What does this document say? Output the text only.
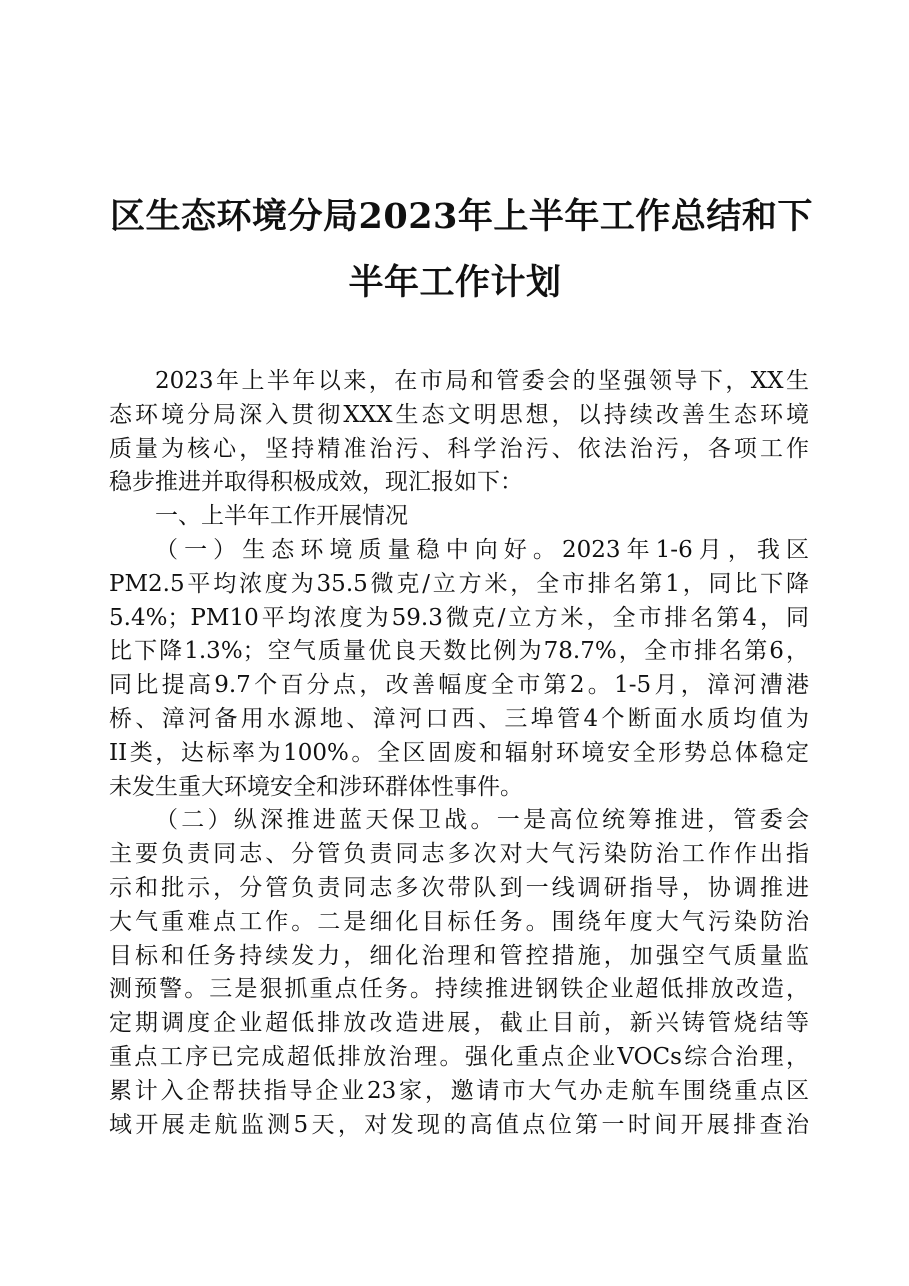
区生态环境分局2023年上半年工作总结和下
半年工作计划
2023年上半年以来，在市局和管委会的坚强领导下，XX生
态环境分局深入贯彻XXX生态文明思想，以持续改善生态环境
质量为核心，坚持精准治污、科学治污、依法治污，各项工作
稳步推进并取得积极成效，现汇报如下：
一、上半年工作开展情况
（一）生态环境质量稳中向好。2023年1-6月，我区
PM2.5平均浓度为35.5微克/立方米，全市排名第1，同比下降
5.4%；PM10平均浓度为59.3微克/立方米，全市排名第4，同
比下降1.3%；空气质量优良天数比例为78.7%，全市排名第6，
同比提高9.7个百分点，改善幅度全市第2。1-5月，漳河漕港
桥、漳河备用水源地、漳河口西、三埠管4个断面水质均值为
II类，达标率为100%。全区固废和辐射环境安全形势总体稳定
未发生重大环境安全和涉环群体性事件。
（二）纵深推进蓝天保卫战。一是高位统筹推进，管委会
主要负责同志、分管负责同志多次对大气污染防治工作作出指
示和批示，分管负责同志多次带队到一线调研指导，协调推进
大气重难点工作。二是细化目标任务。围绕年度大气污染防治
目标和任务持续发力，细化治理和管控措施，加强空气质量监
测预警。三是狠抓重点任务。持续推进钢铁企业超低排放改造，
定期调度企业超低排放改造进展，截止目前，新兴铸管烧结等
重点工序已完成超低排放治理。强化重点企业VOCs综合治理，
累计入企帮扶指导企业23家，邀请市大气办走航车围绕重点区
域开展走航监测5天，对发现的高值点位第一时间开展排查治
